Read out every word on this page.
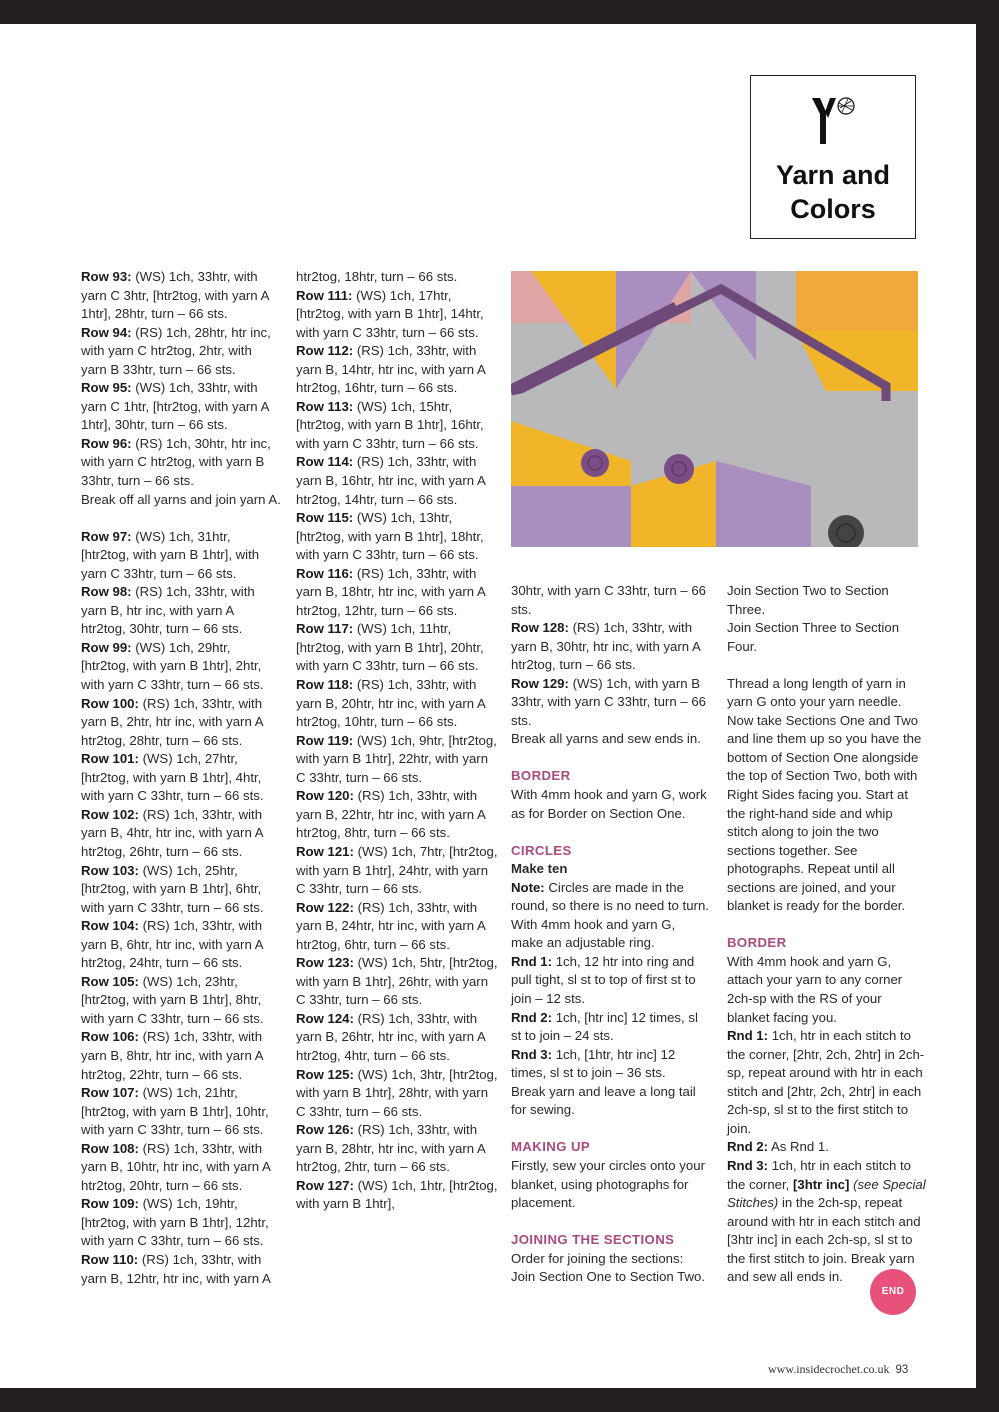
Yarn and
Colors

Row 93: (WS) 1ch, 33htr, with yarn C 3htr, [htr2tog, with yarn A 1htr], 28htr, turn – 66 sts.

Row 94: (RS) 1ch, 28htr, htr inc, with yarn C htr2tog, 2htr, with yarn B 33htr, turn – 66 sts.

Row 95: (WS) 1ch, 33htr, with yarn C 1htr, [htr2tog, with yarn A 1htr], 30htr, turn – 66 sts.

Row 96: (RS) 1ch, 30htr, htr inc, with yarn C htr2tog, with yarn B 33htr, turn – 66 sts.

Break off all yarns and join yarn A.

Row 97: (WS) 1ch, 31htr, [htr2tog, with yarn B 1htr], with yarn C 33htr, turn – 66 sts.

Row 98: (RS) 1ch, 33htr, with yarn B, htr inc, with yarn A htr2tog, 30htr, turn – 66 sts.

Row 99: (WS) 1ch, 29htr, [htr2tog, with yarn B 1htr], 2htr, with yarn C 33htr, turn – 66 sts.

Row 100: (RS) 1ch, 33htr, with yarn B, 2htr, htr inc, with yarn A htr2tog, 28htr, turn – 66 sts.

Row 101: (WS) 1ch, 27htr, [htr2tog, with yarn B 1htr], 4htr, with yarn C 33htr, turn – 66 sts.

Row 102: (RS) 1ch, 33htr, with yarn B, 4htr, htr inc, with yarn A htr2tog, 26htr, turn – 66 sts.

Row 103: (WS) 1ch, 25htr, [htr2tog, with yarn B 1htr], 6htr, with yarn C 33htr, turn – 66 sts.

Row 104: (RS) 1ch, 33htr, with yarn B, 6htr, htr inc, with yarn A htr2tog, 24htr, turn – 66 sts.

Row 105: (WS) 1ch, 23htr, [htr2tog, with yarn B 1htr], 8htr, with yarn C 33htr, turn – 66 sts.

Row 106: (RS) 1ch, 33htr, with yarn B, 8htr, htr inc, with yarn A htr2tog, 22htr, turn – 66 sts.

Row 107: (WS) 1ch, 21htr, [htr2tog, with yarn B 1htr], 10htr, with yarn C 33htr, turn – 66 sts.

Row 108: (RS) 1ch, 33htr, with yarn B, 10htr, htr inc, with yarn A htr2tog, 20htr, turn – 66 sts.

Row 109: (WS) 1ch, 19htr, [htr2tog, with yarn B 1htr], 12htr, with yarn C 33htr, turn – 66 sts.

Row 110: (RS) 1ch, 33htr, with yarn B, 12htr, htr inc, with yarn A

htr2tog, 18htr, turn – 66 sts.

Row 111: (WS) 1ch, 17htr, [htr2tog, with yarn B 1htr], 14htr, with yarn C 33htr, turn – 66 sts.

Row 112: (RS) 1ch, 33htr, with yarn B, 14htr, htr inc, with yarn A htr2tog, 16htr, turn – 66 sts.

Row 113: (WS) 1ch, 15htr, [htr2tog, with yarn B 1htr], 16htr, with yarn C 33htr, turn – 66 sts.

Row 114: (RS) 1ch, 33htr, with yarn B, 16htr, htr inc, with yarn A htr2tog, 14htr, turn – 66 sts.

Row 115: (WS) 1ch, 13htr, [htr2tog, with yarn B 1htr], 18htr, with yarn C 33htr, turn – 66 sts.

Row 116: (RS) 1ch, 33htr, with yarn B, 18htr, htr inc, with yarn A htr2tog, 12htr, turn – 66 sts.

Row 117: (WS) 1ch, 11htr, [htr2tog, with yarn B 1htr], 20htr, with yarn C 33htr, turn – 66 sts.

Row 118: (RS) 1ch, 33htr, with yarn B, 20htr, htr inc, with yarn A htr2tog, 10htr, turn – 66 sts.

Row 119: (WS) 1ch, 9htr, [htr2tog, with yarn B 1htr], 22htr, with yarn C 33htr, turn – 66 sts.

Row 120: (RS) 1ch, 33htr, with yarn B, 22htr, htr inc, with yarn A htr2tog, 8htr, turn – 66 sts.

Row 121: (WS) 1ch, 7htr, [htr2tog, with yarn B 1htr], 24htr, with yarn C 33htr, turn – 66 sts.

Row 122: (RS) 1ch, 33htr, with yarn B, 24htr, htr inc, with yarn A htr2tog, 6htr, turn – 66 sts.

Row 123: (WS) 1ch, 5htr, [htr2tog, with yarn B 1htr], 26htr, with yarn C 33htr, turn – 66 sts.

Row 124: (RS) 1ch, 33htr, with yarn B, 26htr, htr inc, with yarn A htr2tog, 4htr, turn – 66 sts.

Row 125: (WS) 1ch, 3htr, [htr2tog, with yarn B 1htr], 28htr, with yarn C 33htr, turn – 66 sts.

Row 126: (RS) 1ch, 33htr, with yarn B, 28htr, htr inc, with yarn A htr2tog, 2htr, turn – 66 sts.

Row 127: (WS) 1ch, 1htr, [htr2tog, with yarn B 1htr],

30htr, with yarn C 33htr, turn – 66 sts.

Row 128: (RS) 1ch, 33htr, with yarn B, 30htr, htr inc, with yarn A htr2tog, turn – 66 sts.

Row 129: (WS) 1ch, with yarn B 33htr, with yarn C 33htr, turn – 66 sts.

Break all yarns and sew ends in.

BORDER

With 4mm hook and yarn G, work as for Border on Section One.

CIRCLES

Make ten

Note: Circles are made in the round, so there is no need to turn.

With 4mm hook and yarn G, make an adjustable ring.

Rnd 1: 1ch, 12 htr into ring and pull tight, sl st to top of first st to join – 12 sts.

Rnd 2: 1ch, [htr inc] 12 times, sl st to join – 24 sts.

Rnd 3: 1ch, [1htr, htr inc] 12 times, sl st to join – 36 sts.

Break yarn and leave a long tail for sewing.

MAKING UP

Firstly, sew your circles onto your blanket, using photographs for placement.

JOINING THE SECTIONS

Order for joining the sections: Join Section One to Section Two.

Join Section Two to Section Three.

Join Section Three to Section Four.

Thread a long length of yarn in yarn G onto your yarn needle. Now take Sections One and Two and line them up so you have the bottom of Section One alongside the top of Section Two, both with Right Sides facing you. Start at the right-hand side and whip stitch along to join the two sections together. See photographs. Repeat until all sections are joined, and your blanket is ready for the border.

BORDER

With 4mm hook and yarn G, attach your yarn to any corner 2ch-sp with the RS of your blanket facing you.

Rnd 1: 1ch, htr in each stitch to the corner, [2htr, 2ch, 2htr] in 2ch-sp, repeat around with htr in each stitch and [2htr, 2ch, 2htr] in each 2ch-sp, sl st to the first stitch to join.

Rnd 2: As Rnd 1.

Rnd 3: 1ch, htr in each stitch to the corner, [3htr inc] (see Special Stitches) in the 2ch-sp, repeat around with htr in each stitch and [3htr inc] in each 2ch-sp, sl st to the first stitch to join. Break yarn and sew all ends in.

END
www.insidecrochet.co.uk 93
